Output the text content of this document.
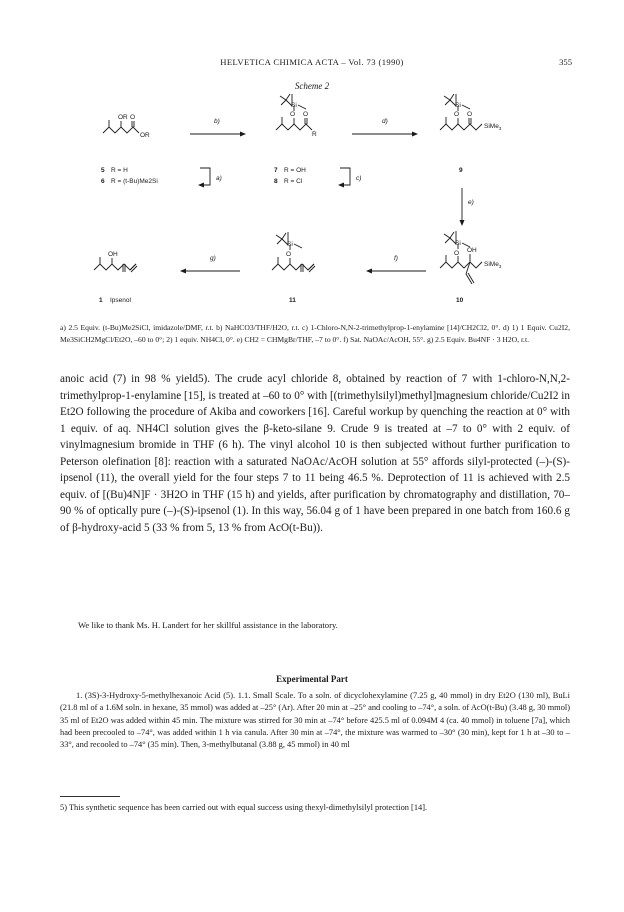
HELVETICA CHIMICA ACTA – Vol. 73 (1990)	355
Scheme 2
OR O
OR
b)
O
Si
O
R
d)
O
Si
O
SiMe$_3$
5 R = H
6 R = (t-Bu)Me2Si
7 R = OH
8 R = Cl
9
a)	c)
e)
OH
g)
O
Si
f)
O
Si
OH
SiMe$_3$
1 Ipsenol	11	10

a) 2.5 Equiv. (t-Bu)Me2SiCl, imidazole/DMF, r.t. b) NaHCO3/THF/H2O, r.t. c) 1-Chloro-N,N-2-trimethylprop-1-enylamine [14]/CH2Cl2, 0°. d) 1) 1 Equiv. Cu2I2, Me3SiCH2MgCl/Et2O, –60 to 0°; 2) 1 equiv. NH4Cl, 0°. e) CH2 = CHMgBr/THF, –7 to 0°. f) Sat. NaOAc/AcOH, 55°. g) 2.5 Equiv. Bu4NF · 3 H2O, r.t.

anoic acid (7) in 98 % yield5). The crude acyl chloride 8, obtained by reaction of 7 with 1-chloro-N,N,2-trimethylprop-1-enylamine [15], is treated at –60 to 0° with [(trimethylsilyl)methyl]magnesium chloride/Cu2I2 in Et2O following the procedure of Akiba and coworkers [16]. Careful workup by quenching the reaction at 0° with 1 equiv. of aq. NH4Cl solution gives the β-keto-silane 9. Crude 9 is treated at –7 to 0° with 2 equiv. of vinylmagnesium bromide in THF (6 h). The vinyl alcohol 10 is then subjected without further purification to Peterson olefination [8]: reaction with a saturated NaOAc/AcOH solution at 55° affords silyl-protected (–)-(S)-ipsenol (11), the overall yield for the four steps 7 to 11 being 46.5 %. Deprotection of 11 is achieved with 2.5 equiv. of [(Bu)4N]F · 3H2O in THF (15 h) and yields, after purification by chromatography and distillation, 70–90 % of optically pure (–)-(S)-ipsenol (1). In this way, 56.04 g of 1 have been prepared in one batch from 160.6 g of β-hydroxy-acid 5 (33 % from 5, 13 % from AcO(t-Bu)).

We like to thank Ms. H. Landert for her skillful assistance in the laboratory.
Experimental Part

1. (3S)-3-Hydroxy-5-methylhexanoic Acid (5). 1.1. Small Scale. To a soln. of dicyclohexylamine (7.25 g, 40 mmol) in dry Et2O (130 ml), BuLi (21.8 ml of a 1.6M soln. in hexane, 35 mmol) was added at –25° (Ar). After 20 min at –25° and cooling to –74°, a soln. of AcO(t-Bu) (3.48 g, 30 mmol) 35 ml of Et2O was added within 45 min. The mixture was stirred for 30 min at –74° before 425.5 ml of 0.094M 4 (ca. 40 mmol) in toluene [7a], which had been precooled to –74°, was added within 1 h via canula. After 30 min at –74°, the mixture was warmed to –30° (30 min), kept for 1 h at –30 to –33°, and recooled to –74° (35 min). Then, 3-methylbutanal (3.88 g, 45 mmol) in 40 ml

5) This synthetic sequence has been carried out with equal success using thexyl-dimethylsilyl protection [14].
